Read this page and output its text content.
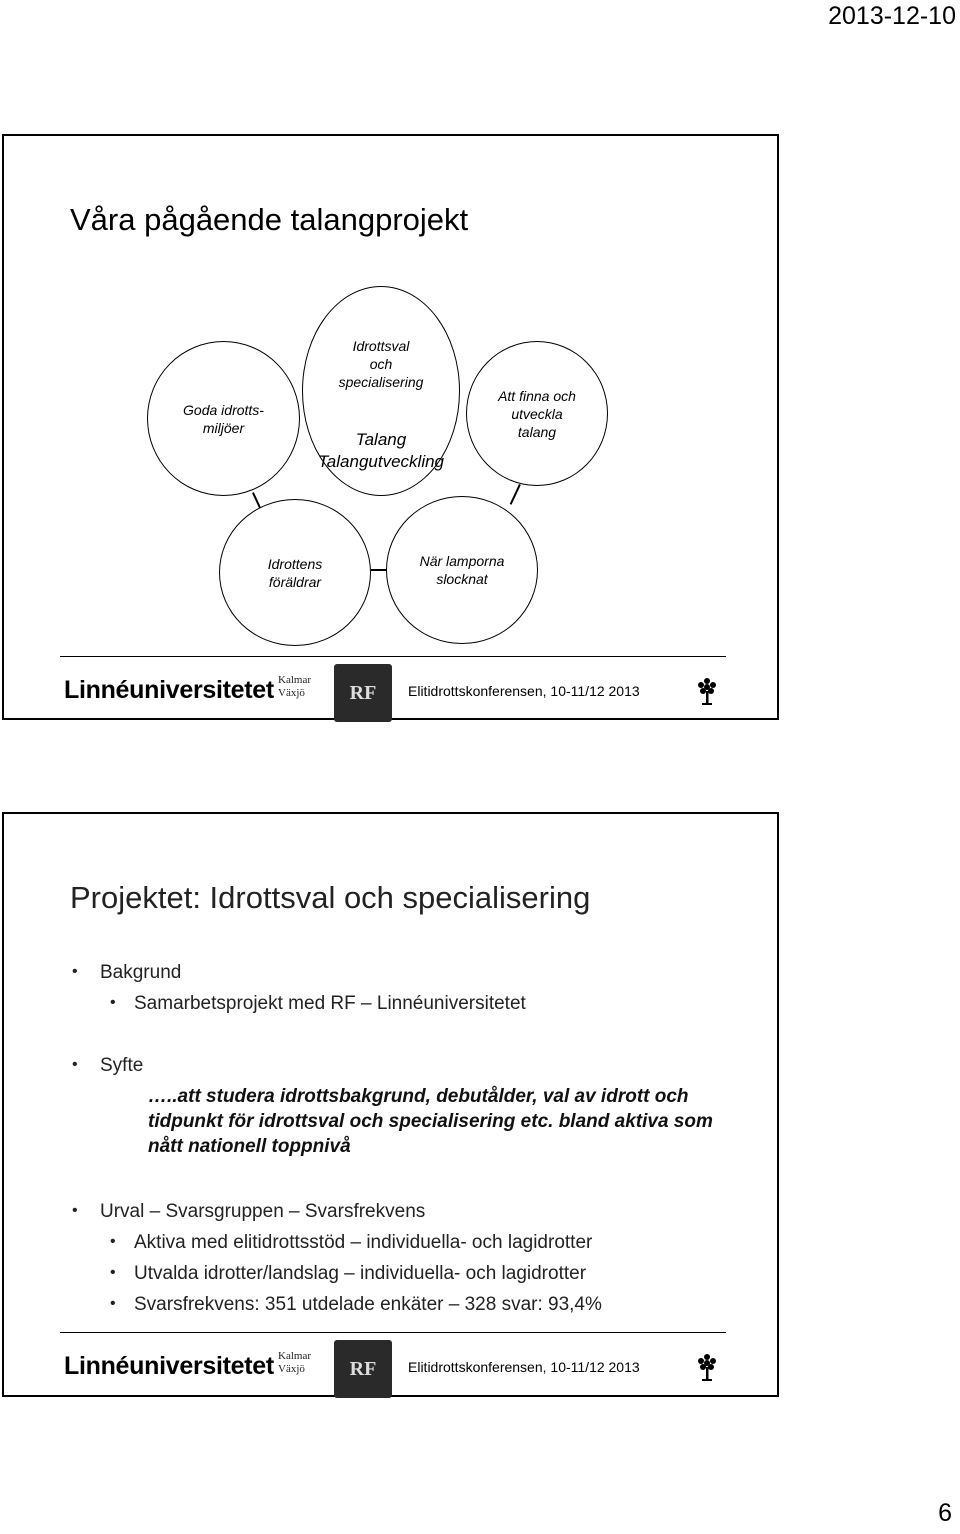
2013-12-10
Våra pågående talangprojekt
Goda idrotts-
miljöer
Att finna och
utveckla
talang
Idrottsval
och
specialisering
Talang
Talangutveckling
Idrottens
föräldrar
När lamporna
slocknat
Linnéuniversitetet Kalmar
Växjö	RF	Elitidrottskonferensen, 10-11/12 2013
Projektet: Idrottsval och specialisering
• Bakgrund
• Samarbetsprojekt med RF – Linnéuniversitetet
• Syfte
…..att studera idrottsbakgrund, debutålder, val av idrott och tidpunkt för idrottsval och specialisering etc. bland aktiva som nått nationell toppnivå
• Urval – Svarsgruppen – Svarsfrekvens
• Aktiva med elitidrottsstöd – individuella- och lagidrotter
• Utvalda idrotter/landslag – individuella- och lagidrotter
• Svarsfrekvens: 351 utdelade enkäter – 328 svar: 93,4%
Linnéuniversitetet Kalmar
Växjö	RF	Elitidrottskonferensen, 10-11/12 2013
6
